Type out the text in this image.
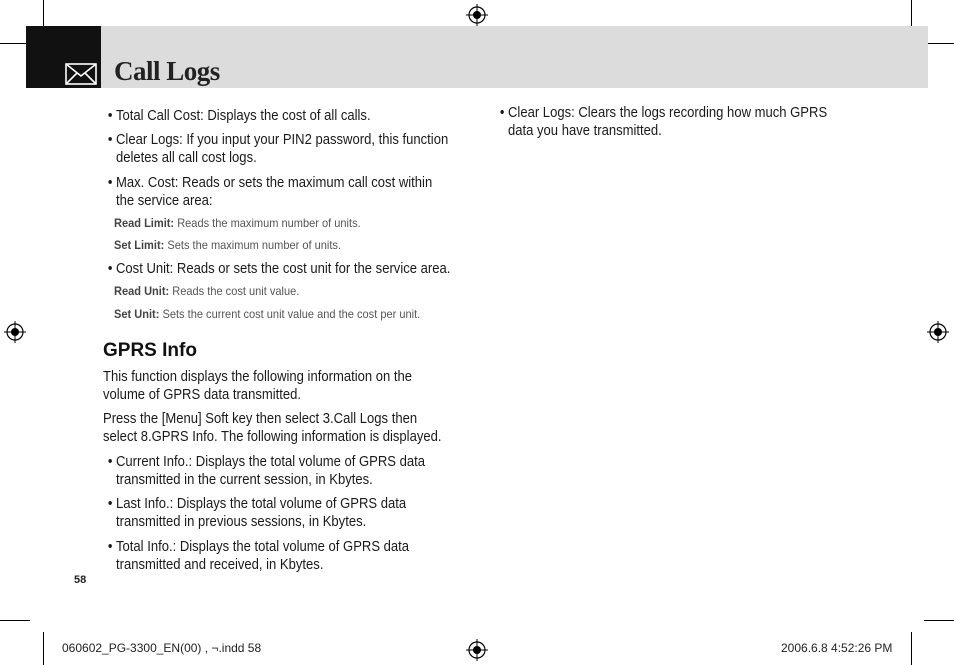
Call Logs
• Total Call Cost: Displays the cost of all calls.
• Clear Logs: If you input your PIN2 password, this function
deletes all call cost logs.
• Max. Cost: Reads or sets the maximum call cost within
the service area:
Read Limit: Reads the maximum number of units.
Set Limit: Sets the maximum number of units.
• Cost Unit: Reads or sets the cost unit for the service area.
Read Unit: Reads the cost unit value.
Set Unit: Sets the current cost unit value and the cost per unit.
GPRS Info
This function displays the following information on the
volume of GPRS data transmitted.
Press the [Menu] Soft key then select 3.Call Logs then
select 8.GPRS Info. The following information is displayed.
• Current Info.: Displays the total volume of GPRS data
transmitted in the current session, in Kbytes.
• Last Info.: Displays the total volume of GPRS data
transmitted in previous sessions, in Kbytes.
• Total Info.: Displays the total volume of GPRS data
transmitted and received, in Kbytes.
• Clear Logs: Clears the logs recording how much GPRS
data you have transmitted.
58
060602_PG-3300_EN(00) , ¬.indd 58	2006.6.8 4:52:26 PM
